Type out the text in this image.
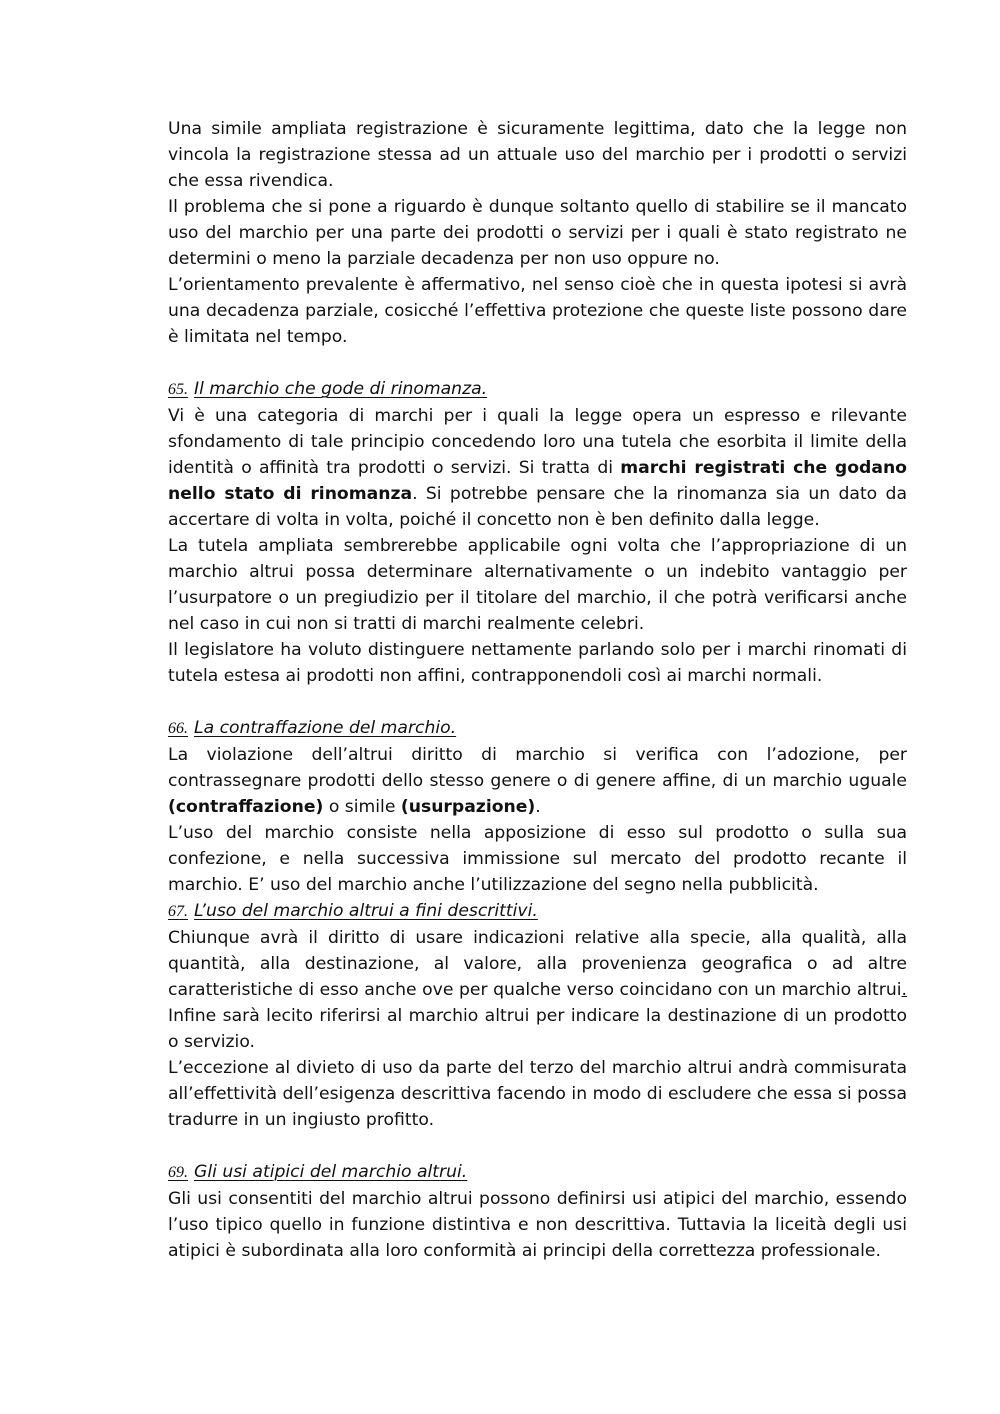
Una simile ampliata registrazione è sicuramente legittima, dato che la legge non vincola la registrazione stessa ad un attuale uso del marchio per i prodotti o servizi che essa rivendica.

Il problema che si pone a riguardo è dunque soltanto quello di stabilire se il mancato uso del marchio per una parte dei prodotti o servizi per i quali è stato registrato ne determini o meno la parziale decadenza per non uso oppure no.

L’orientamento prevalente è affermativo, nel senso cioè che in questa ipotesi si avrà una decadenza parziale, cosicché l’effettiva protezione che queste liste possono dare è limitata nel tempo.

65. Il marchio che gode di rinomanza.

Vi è una categoria di marchi per i quali la legge opera un espresso e rilevante sfondamento di tale principio concedendo loro una tutela che esorbita il limite della identità o affinità tra prodotti o servizi. Si tratta di marchi registrati che godano nello stato di rinomanza. Si potrebbe pensare che la rinomanza sia un dato da accertare di volta in volta, poiché il concetto non è ben definito dalla legge.

La tutela ampliata sembrerebbe applicabile ogni volta che l’appropriazione di un marchio altrui possa determinare alternativamente o un indebito vantaggio per l’usurpatore o un pregiudizio per il titolare del marchio, il che potrà verificarsi anche nel caso in cui non si tratti di marchi realmente celebri.

Il legislatore ha voluto distinguere nettamente parlando solo per i marchi rinomati di tutela estesa ai prodotti non affini, contrapponendoli così ai marchi normali.

66. La contraffazione del marchio.

La violazione dell’altrui diritto di marchio si verifica con l’adozione, per contrassegnare prodotti dello stesso genere o di genere affine, di un marchio uguale (contraffazione) o simile (usurpazione).

L’uso del marchio consiste nella apposizione di esso sul prodotto o sulla sua confezione, e nella successiva immissione sul mercato del prodotto recante il marchio. E’ uso del marchio anche l’utilizzazione del segno nella pubblicità.

67. L’uso del marchio altrui a fini descrittivi.

Chiunque avrà il diritto di usare indicazioni relative alla specie, alla qualità, alla quantità, alla destinazione, al valore, alla provenienza geografica o ad altre caratteristiche di esso anche ove per qualche verso coincidano con un marchio altrui. Infine sarà lecito riferirsi al marchio altrui per indicare la destinazione di un prodotto o servizio.

L’eccezione al divieto di uso da parte del terzo del marchio altrui andrà commisurata all’effettività dell’esigenza descrittiva facendo in modo di escludere che essa si possa tradurre in un ingiusto profitto.

69. Gli usi atipici del marchio altrui.

Gli usi consentiti del marchio altrui possono definirsi usi atipici del marchio, essendo l’uso tipico quello in funzione distintiva e non descrittiva. Tuttavia la liceità degli usi atipici è subordinata alla loro conformità ai principi della correttezza professionale.
